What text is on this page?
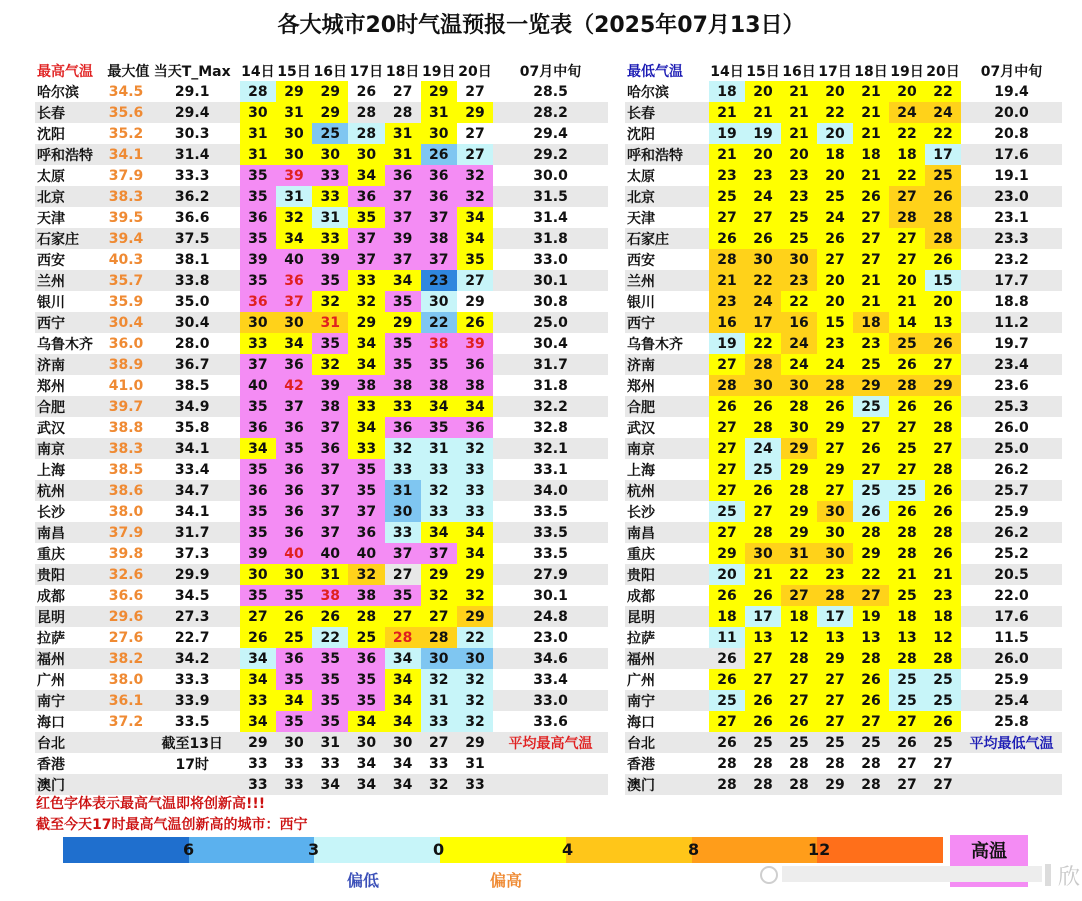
各大城市20时气温预报一览表（2025年07月13日）
最高气温	最大值	当天T_Max	14日	15日	16日	17日	18日	19日	20日	07月中旬
哈尔滨	34.5	29.1	28	29	29	26	27	29	27	28.5
长春	35.6	29.4	30	31	29	28	28	31	29	28.2
沈阳	35.2	30.3	31	30	25	28	31	30	27	29.4
呼和浩特	34.1	31.4	31	30	30	30	31	26	27	29.2
太原	37.9	33.3	35	39	33	34	36	36	32	30.0
北京	38.3	36.2	35	31	33	36	37	36	32	31.5
天津	39.5	36.6	36	32	31	35	37	37	34	31.4
石家庄	39.4	37.5	35	34	33	37	39	38	34	31.8
西安	40.3	38.1	39	40	39	37	37	37	35	33.0
兰州	35.7	33.8	35	36	35	33	34	23	27	30.1
银川	35.9	35.0	36	37	32	32	35	30	29	30.8
西宁	30.4	30.4	30	30	31	29	29	22	26	25.0
乌鲁木齐	36.0	28.0	33	34	35	34	35	38	39	30.4
济南	38.9	36.7	37	36	32	34	35	35	36	31.7
郑州	41.0	38.5	40	42	39	38	38	38	38	31.8
合肥	39.7	34.9	35	37	38	33	33	34	34	32.2
武汉	38.8	35.8	36	36	37	34	36	35	36	32.8
南京	38.3	34.1	34	35	36	33	32	31	32	32.1
上海	38.5	33.4	35	36	37	35	33	33	33	33.1
杭州	38.6	34.7	36	36	37	35	31	32	33	34.0
长沙	38.0	34.1	35	36	37	37	30	33	33	33.5
南昌	37.9	31.7	35	36	37	36	33	34	34	33.5
重庆	39.8	37.3	39	40	40	40	37	37	34	33.5
贵阳	32.6	29.9	30	30	31	32	27	29	29	27.9
成都	36.6	34.5	35	35	38	38	35	32	32	30.1
昆明	29.6	27.3	27	26	26	28	27	27	29	24.8
拉萨	27.6	22.7	26	25	22	25	28	28	22	23.0
福州	38.2	34.2	34	36	35	36	34	30	30	34.6
广州	38.0	33.3	34	35	35	35	34	32	32	33.4
南宁	36.1	33.9	33	34	35	35	34	31	32	33.0
海口	37.2	33.5	34	35	35	34	34	33	32	33.6
台北		截至13日	29	30	31	30	30	27	29	平均最高气温
香港		17时	33	33	33	34	34	33	31	
澳门			33	33	34	34	34	32	33	
最低气温	14日	15日	16日	17日	18日	19日	20日	07月中旬
哈尔滨	18	20	21	20	21	20	22	19.4
长春	21	21	21	22	21	24	24	20.0
沈阳	19	19	21	20	21	22	22	20.8
呼和浩特	21	20	20	18	18	18	17	17.6
太原	23	23	23	20	21	22	25	19.1
北京	25	24	23	25	26	27	26	23.0
天津	27	27	25	24	27	28	28	23.1
石家庄	26	26	25	26	27	27	28	23.3
西安	28	30	30	27	27	27	26	23.2
兰州	21	22	23	20	21	20	15	17.7
银川	23	24	22	20	21	21	20	18.8
西宁	16	17	16	15	18	14	13	11.2
乌鲁木齐	19	22	24	23	23	25	26	19.7
济南	27	28	24	24	25	26	27	23.4
郑州	28	30	30	28	29	28	29	23.6
合肥	26	26	28	26	25	26	26	25.3
武汉	27	28	30	29	27	27	28	26.0
南京	27	24	29	27	26	25	27	25.0
上海	27	25	29	29	27	27	28	26.2
杭州	27	26	28	27	25	25	26	25.7
长沙	25	27	29	30	26	26	26	25.9
南昌	27	28	29	30	28	28	28	26.2
重庆	29	30	31	30	29	28	26	25.2
贵阳	20	21	22	23	22	21	21	20.5
成都	26	26	27	28	27	25	23	22.0
昆明	18	17	18	17	19	18	18	17.6
拉萨	11	13	12	13	13	13	12	11.5
福州	26	27	28	29	28	28	28	26.0
广州	26	27	27	27	26	25	25	25.9
南宁	25	26	27	27	26	25	25	25.4
海口	27	26	26	27	27	27	26	25.8
台北	26	25	25	25	25	26	25	平均最低气温
香港	28	28	28	28	28	27	27	
澳门	28	28	28	29	28	27	27	
红色字体表示最高气温即将创新高!!!
截至今天17时最高气温创新高的城市：西宁
6	3	0	4	8	12	高温
偏低	偏高	欣
